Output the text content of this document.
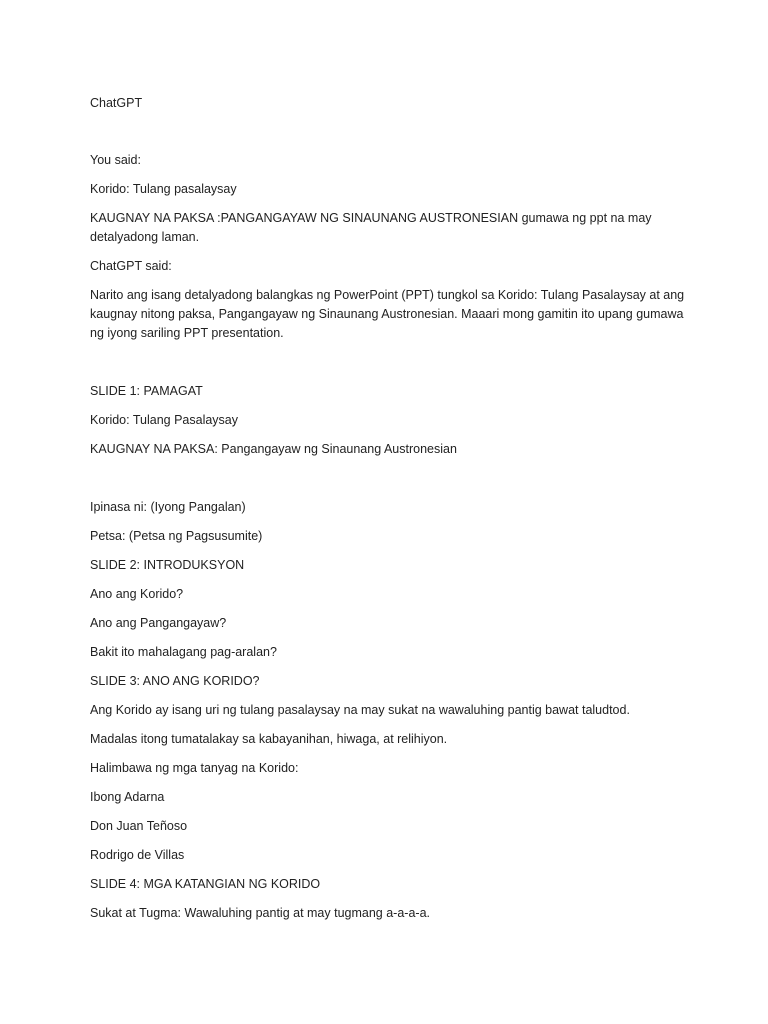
ChatGPT
You said:
Korido: Tulang pasalaysay
KAUGNAY NA PAKSA :PANGANGAYAW NG SINAUNANG AUSTRONESIAN gumawa ng ppt na may detalyadong laman.
ChatGPT said:
Narito ang isang detalyadong balangkas ng PowerPoint (PPT) tungkol sa Korido: Tulang Pasalaysay at ang kaugnay nitong paksa, Pangangayaw ng Sinaunang Austronesian. Maaari mong gamitin ito upang gumawa ng iyong sariling PPT presentation.
SLIDE 1: PAMAGAT
Korido: Tulang Pasalaysay
KAUGNAY NA PAKSA: Pangangayaw ng Sinaunang Austronesian
Ipinasa ni: (Iyong Pangalan)
Petsa: (Petsa ng Pagsusumite)
SLIDE 2: INTRODUKSYON
Ano ang Korido?
Ano ang Pangangayaw?
Bakit ito mahalagang pag-aralan?
SLIDE 3: ANO ANG KORIDO?
Ang Korido ay isang uri ng tulang pasalaysay na may sukat na wawaluhing pantig bawat taludtod.
Madalas itong tumatalakay sa kabayanihan, hiwaga, at relihiyon.
Halimbawa ng mga tanyag na Korido:
Ibong Adarna
Don Juan Teñoso
Rodrigo de Villas
SLIDE 4: MGA KATANGIAN NG KORIDO
Sukat at Tugma: Wawaluhing pantig at may tugmang a-a-a-a.
